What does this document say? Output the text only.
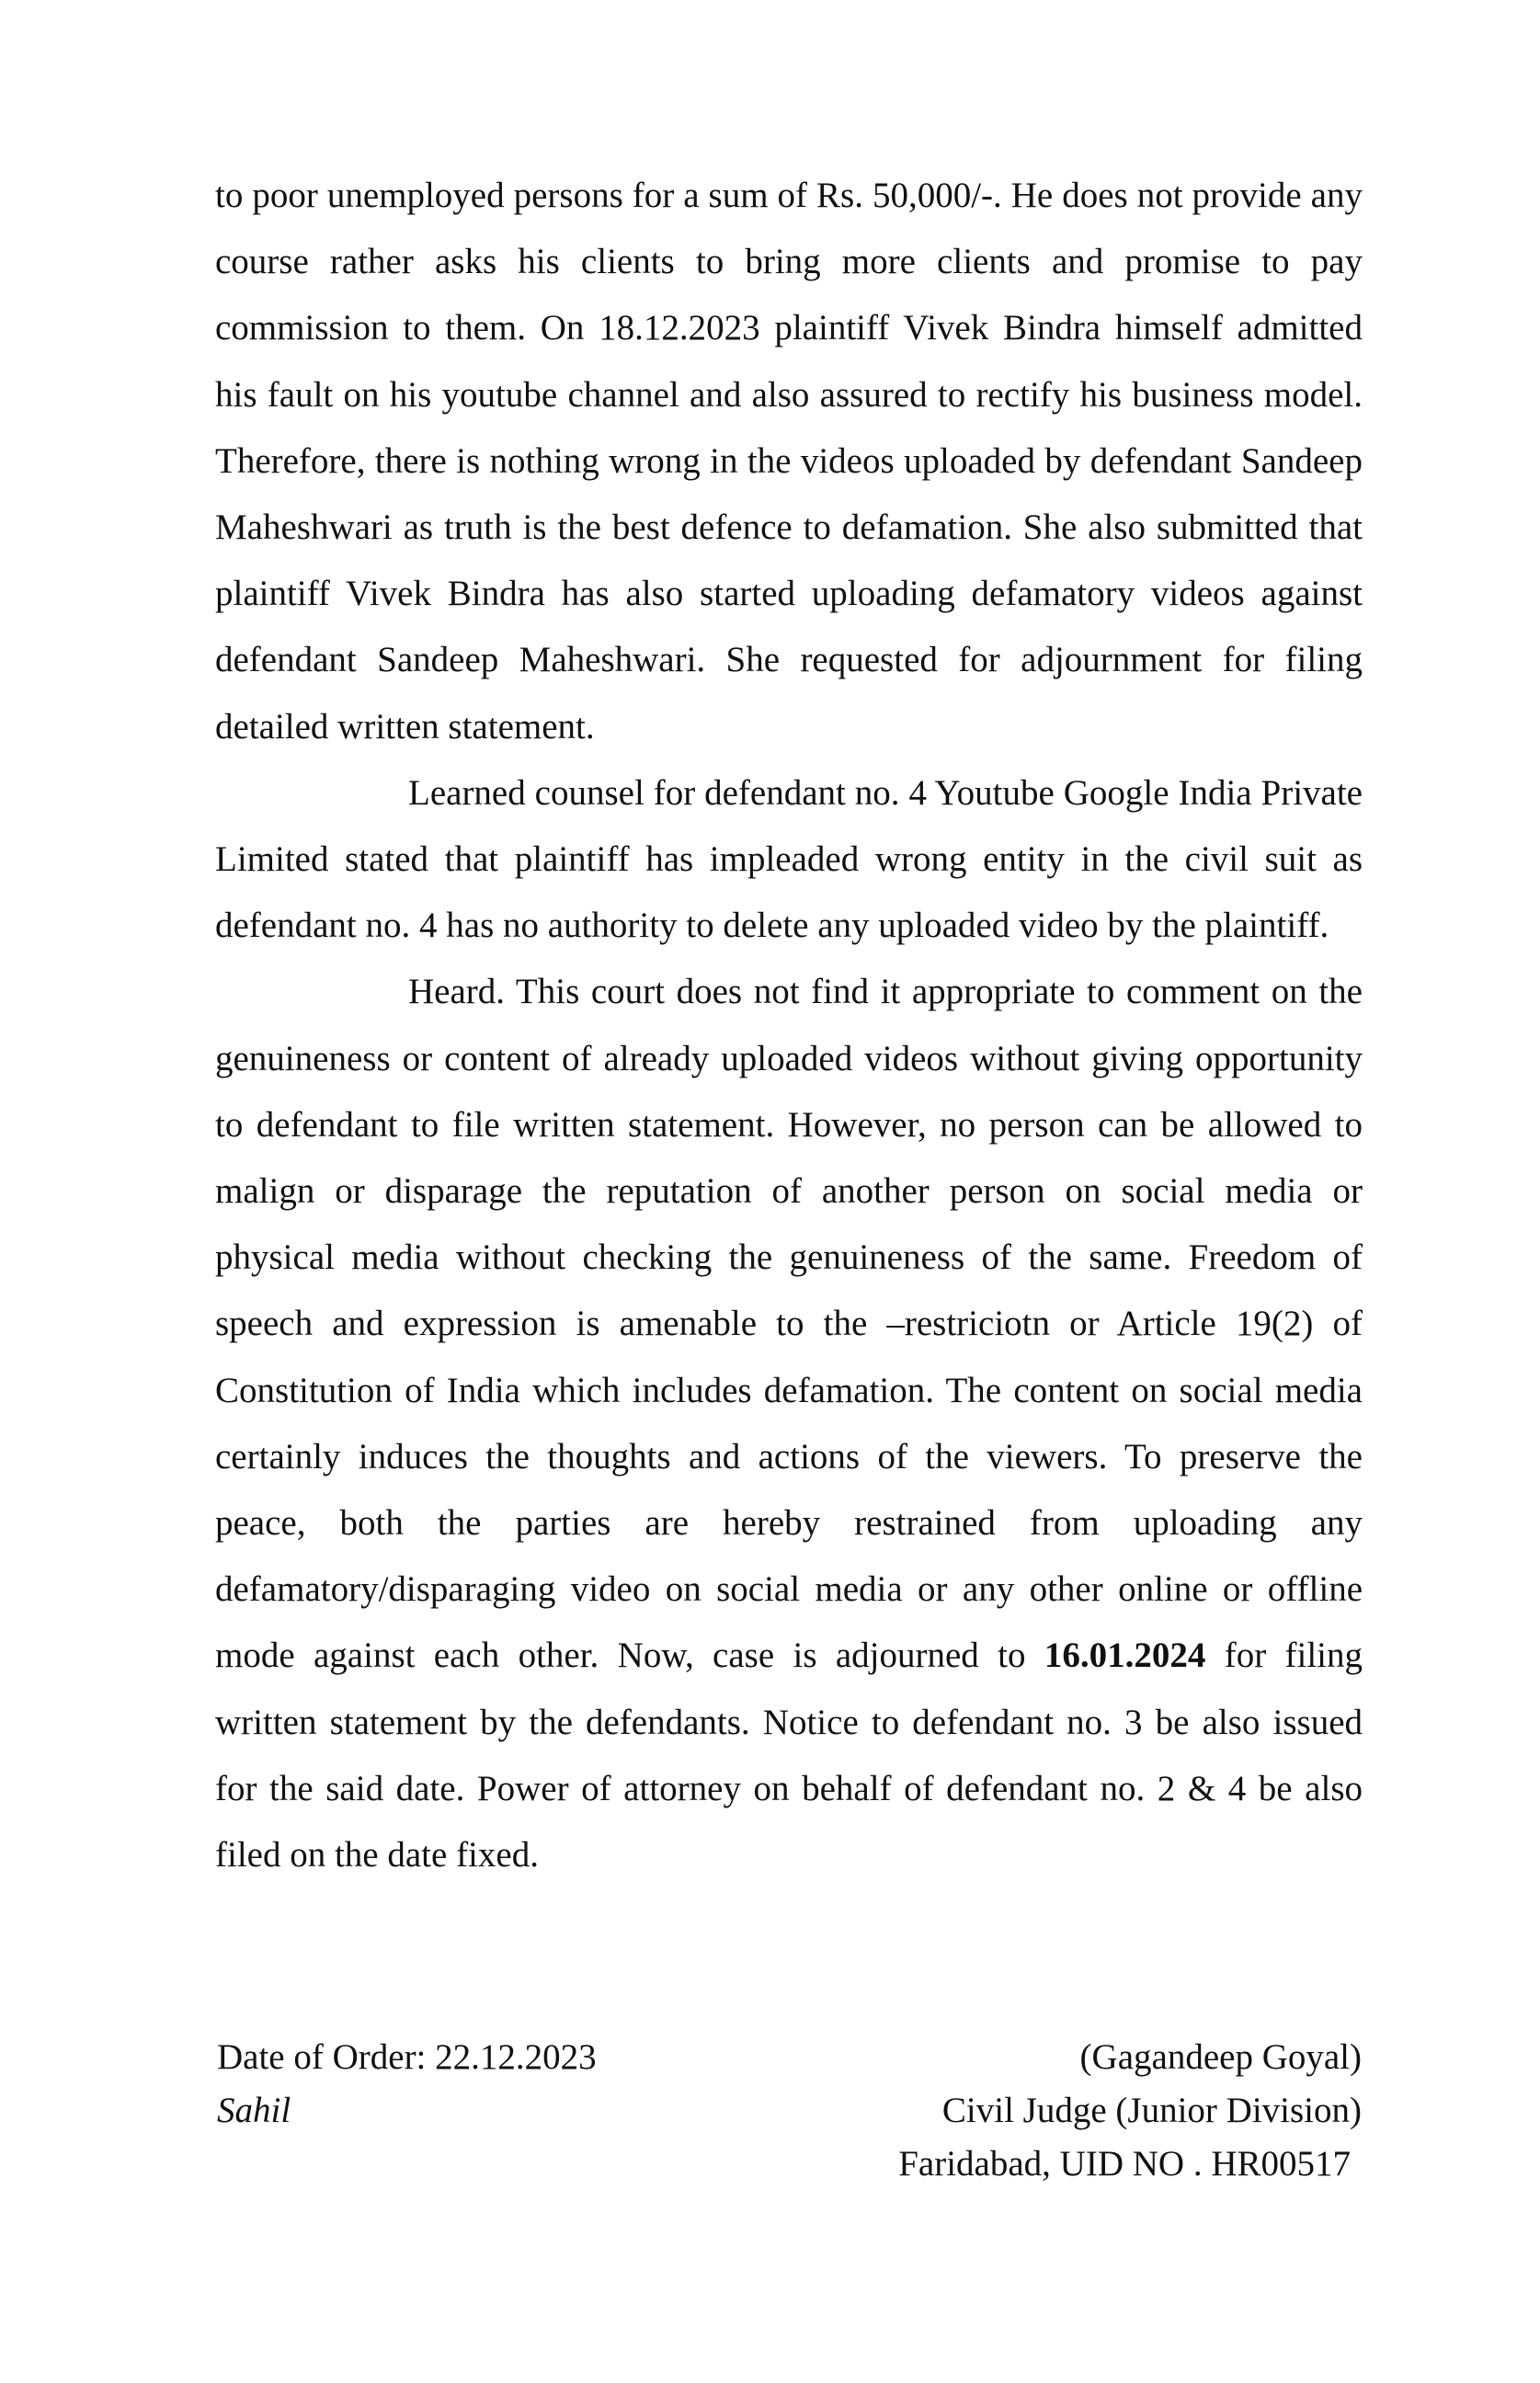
to poor unemployed persons for a sum of Rs. 50,000/-. He does not provide any course rather asks his clients to bring more clients and promise to pay commission to them. On 18.12.2023 plaintiff Vivek Bindra himself admitted his fault on his youtube channel and also assured to rectify his business model. Therefore, there is nothing wrong in the videos uploaded by defendant Sandeep Maheshwari as truth is the best defence to defamation. She also submitted that plaintiff Vivek Bindra has also started uploading defamatory videos against defendant Sandeep Maheshwari. She requested for adjournment for filing detailed written statement.

Learned counsel for defendant no. 4 Youtube Google India Private Limited stated that plaintiff has impleaded wrong entity in the civil suit as defendant no. 4 has no authority to delete any uploaded video by the plaintiff.

Heard. This court does not find it appropriate to comment on the genuineness or content of already uploaded videos without giving opportunity to defendant to file written statement. However, no person can be allowed to malign or disparage the reputation of another person on social media or physical media without checking the genuineness of the same. Freedom of speech and expression is amenable to the –restriciotn or Article 19(2) of Constitution of India which includes defamation. The content on social media certainly induces the thoughts and actions of the viewers. To preserve the peace, both the parties are hereby restrained from uploading any defamatory/disparaging video on social media or any other online or offline mode against each other. Now, case is adjourned to 16.01.2024 for filing written statement by the defendants. Notice to defendant no. 3 be also issued for the said date. Power of attorney on behalf of defendant no. 2 & 4 be also filed on the date fixed.

Date of Order: 22.12.2023
Sahil
(Gagandeep Goyal)
Civil Judge (Junior Division)
Faridabad, UID NO . HR00517
